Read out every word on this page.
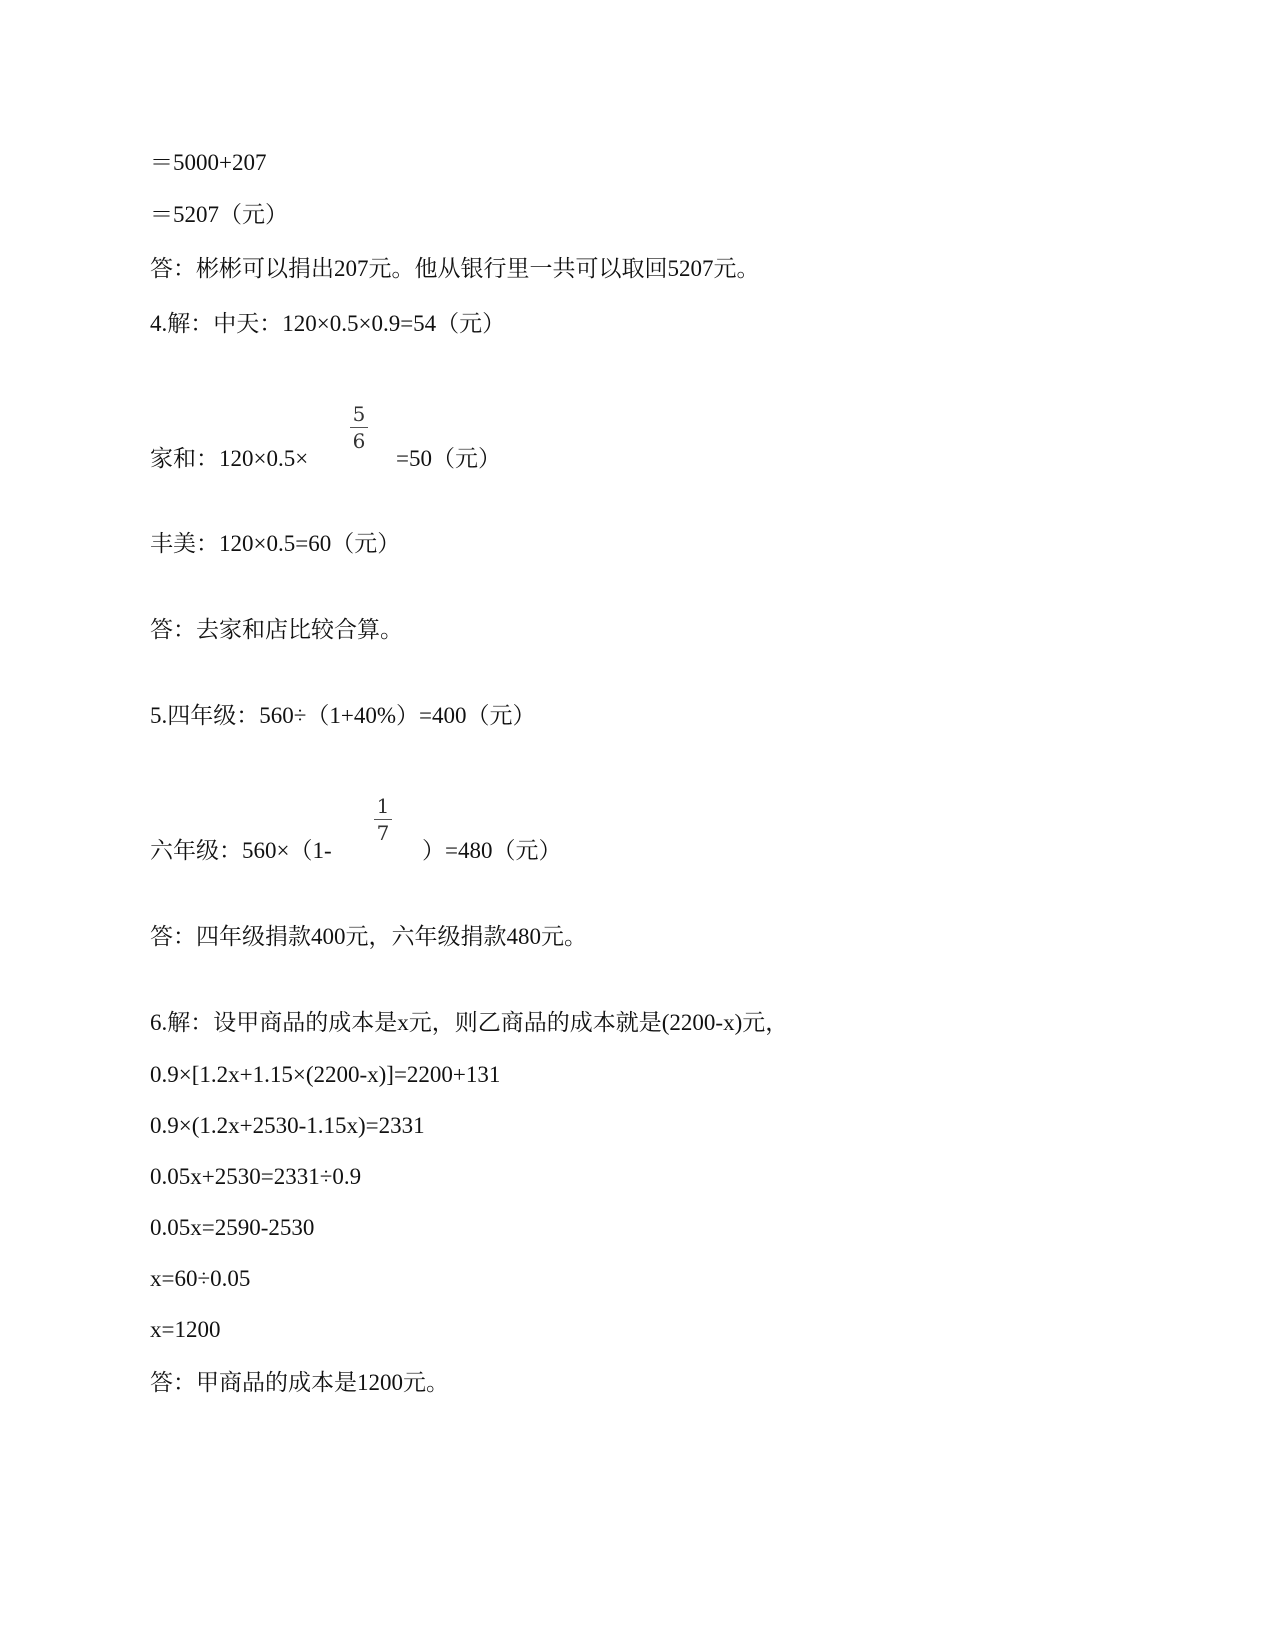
＝5000+207
＝5207（元）
答：彬彬可以捐出207元。他从银行里一共可以取回5207元。
4.解：中天：120×0.5×0.9=54（元）
家和：120×0.5×
5
6
=50（元）
丰美：120×0.5=60（元）
答：去家和店比较合算。
5.四年级：560÷（1+40%）=400（元）
六年级：560×（1-
1
7
）=480（元）
答：四年级捐款400元，六年级捐款480元。
6.解：设甲商品的成本是x元，则乙商品的成本就是(2200-x)元，
0.9×[1.2x+1.15×(2200-x)]=2200+131
0.9×(1.2x+2530-1.15x)=2331
0.05x+2530=2331÷0.9
0.05x=2590-2530
x=60÷0.05
x=1200
答：甲商品的成本是1200元。
